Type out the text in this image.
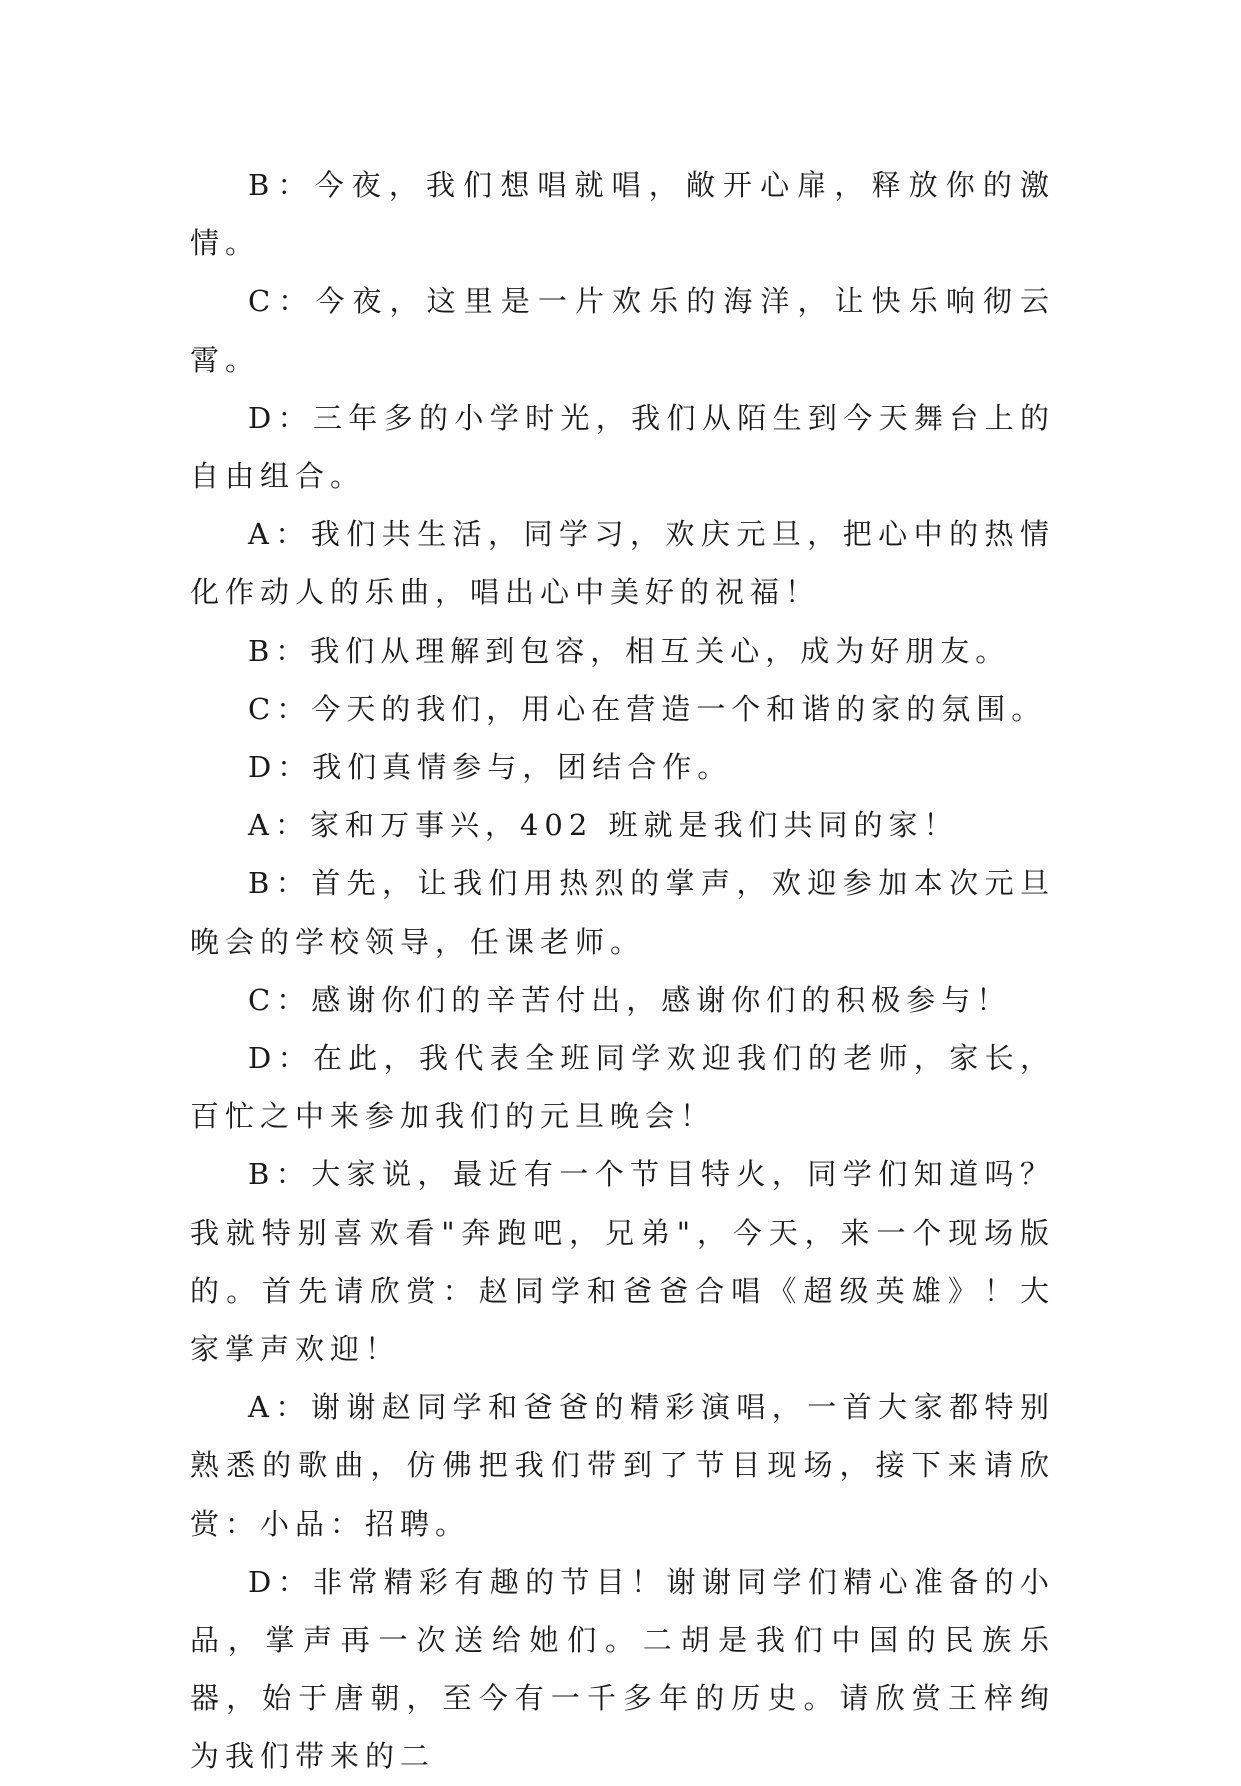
B：今夜，我们想唱就唱，敞开心扉，释放你的激情。

C：今夜，这里是一片欢乐的海洋，让快乐响彻云霄。

D：三年多的小学时光，我们从陌生到今天舞台上的自由组合。

A：我们共生活，同学习，欢庆元旦，把心中的热情化作动人的乐曲，唱出心中美好的祝福！

B：我们从理解到包容，相互关心，成为好朋友。

C：今天的我们，用心在营造一个和谐的家的氛围。

D：我们真情参与，团结合作。

A：家和万事兴，402 班就是我们共同的家！

B：首先，让我们用热烈的掌声，欢迎参加本次元旦晚会的学校领导，任课老师。

C：感谢你们的辛苦付出，感谢你们的积极参与！

D：在此，我代表全班同学欢迎我们的老师，家长，百忙之中来参加我们的元旦晚会！

B：大家说，最近有一个节目特火，同学们知道吗？我就特别喜欢看"奔跑吧，兄弟"，今天，来一个现场版的。首先请欣赏：赵同学和爸爸合唱《超级英雄》！大家掌声欢迎！

A：谢谢赵同学和爸爸的精彩演唱，一首大家都特别熟悉的歌曲，仿佛把我们带到了节目现场，接下来请欣赏：小品：招聘。

D：非常精彩有趣的节目！谢谢同学们精心准备的小品，掌声再一次送给她们。二胡是我们中国的民族乐器，始于唐朝，至今有一千多年的历史。请欣赏王梓绚为我们带来的二
